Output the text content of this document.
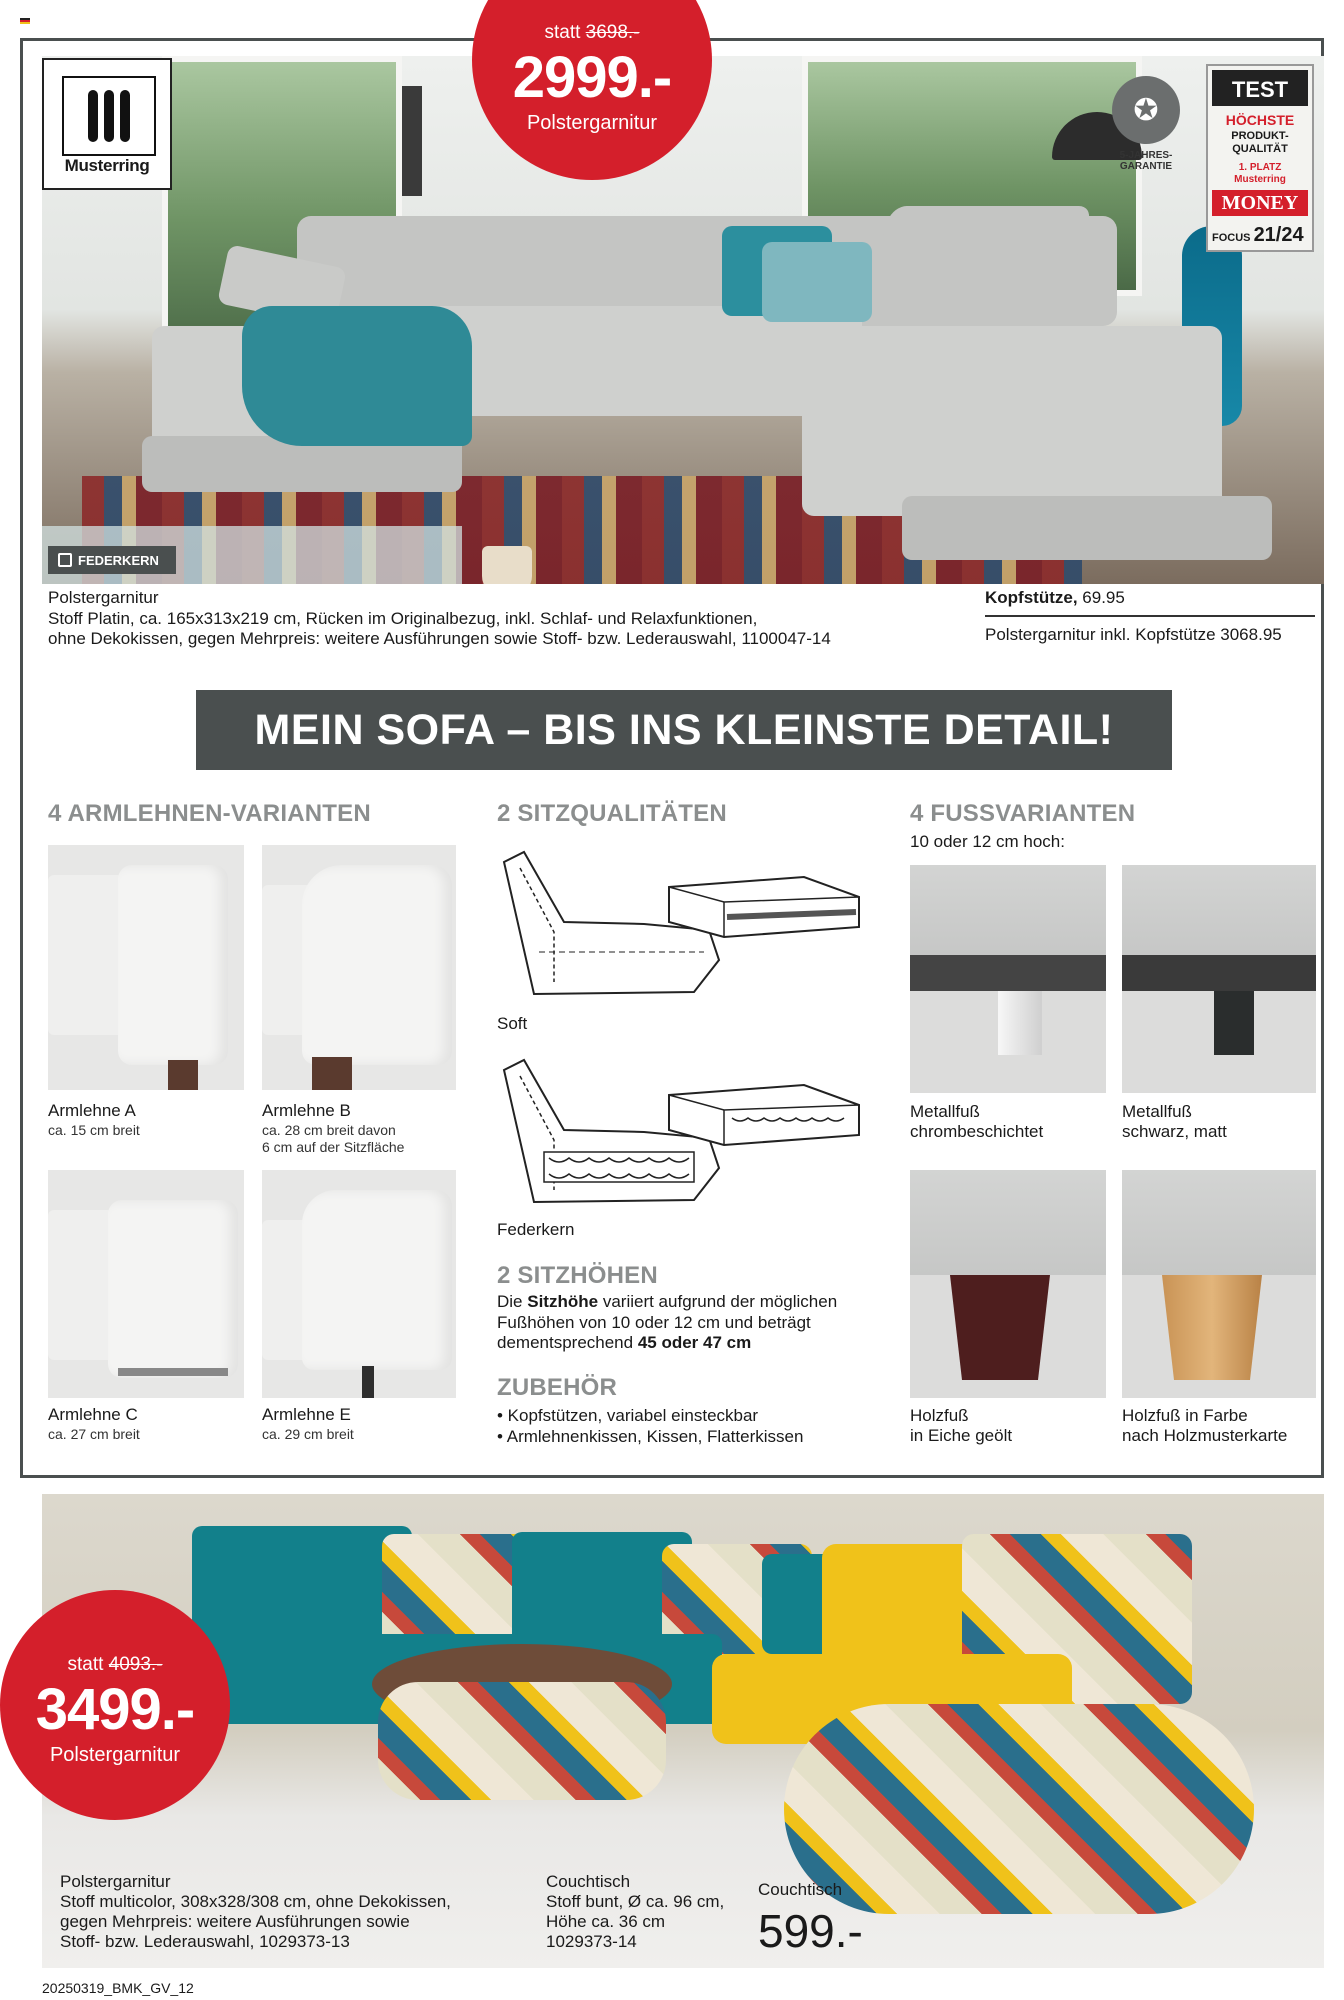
Musterring
statt 3698.-
2999.-
Polstergarnitur	✪
5-JAHRES-GARANTIE
TEST
HÖCHSTE
PRODUKT-QUALITÄT
1. PLATZ Musterring
MONEY
FOCUS 21/24
FEDERKERN
Polstergarnitur
Stoff Platin, ca. 165x313x219 cm, Rücken im Originalbezug, inkl. Schlaf- und Relaxfunktionen,
ohne Dekokissen, gegen Mehrpreis: weitere Ausführungen sowie Stoff- bzw. Lederauswahl, 1100047-14
Kopfstütze, 69.95
Polstergarnitur inkl. Kopfstütze 3068.95
MEIN SOFA – BIS INS KLEINSTE DETAIL!
4 ARMLEHNEN-VARIANTEN	2 SITZQUALITÄTEN	4 FUSSVARIANTEN
10 oder 12 cm hoch:
Armlehne A
ca. 15 cm breit
Armlehne B
ca. 28 cm breit davon
6 cm auf der Sitzfläche
Armlehne C
ca. 27 cm breit
Armlehne E
ca. 29 cm breit
Soft
Federkern
2 SITZHÖHEN
Die Sitzhöhe variiert aufgrund der möglichen Fußhöhen von 10 oder 12 cm und beträgt dementsprechend 45 oder 47 cm
ZUBEHÖR
• Kopfstützen, variabel einsteckbar
• Armlehnenkissen, Kissen, Flatterkissen
Metallfuß
chrombeschichtet
Metallfuß
schwarz, matt
Holzfuß
in Eiche geölt
Holzfuß in Farbe
nach Holzmusterkarte
statt 4093.-
3499.-
Polstergarnitur
Polstergarnitur
Stoff multicolor, 308x328/308 cm, ohne Dekokissen,
gegen Mehrpreis: weitere Ausführungen sowie
Stoff- bzw. Lederauswahl, 1029373-13
Couchtisch
Stoff bunt, Ø ca. 96 cm,
Höhe ca. 36 cm
1029373-14
Couchtisch
599.-
20250319_BMK_GV_12
